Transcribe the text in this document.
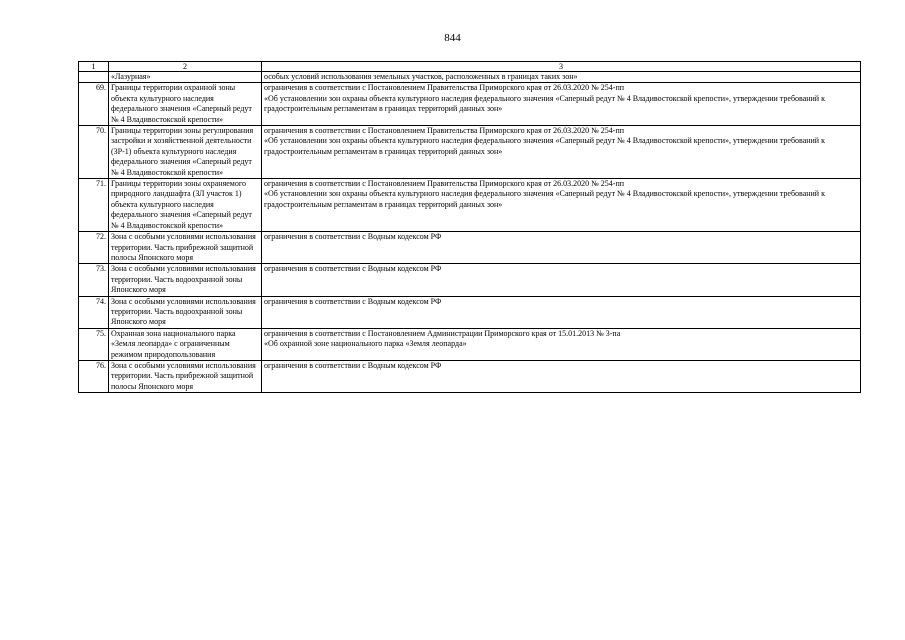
844
1	2	3
	«Лазурная»	особых условий использования земельных участков, расположенных в границах таких зон»
69.	Границы территории охранной зоны объекта культурного наследия федерального значения «Саперный редут № 4 Владивостокской крепости»	ограничения в соответствии с Постановлением Правительства Приморского края от 26.03.2020 № 254-пп
«Об установлении зон охраны объекта культурного наследия федерального значения «Саперный редут № 4 Владивостокской крепости», утверждении требований к градостроительным регламентам в границах территорий данных зон»

70.	Границы территории зоны регулирования застройки и хозяйственной деятельности (ЗР-1) объекта культурного наследия федерального значения «Саперный редут № 4 Владивостокской крепости»	ограничения в соответствии с Постановлением Правительства Приморского края от 26.03.2020 № 254-пп
«Об установлении зон охраны объекта культурного наследия федерального значения «Саперный редут № 4 Владивостокской крепости», утверждении требований к градостроительным регламентам в границах территорий данных зон»

71.	Границы территории зоны охраняемого природного ландшафта (ЗЛ участок 1) объекта культурного наследия федерального значения «Саперный редут № 4 Владивостокской крепости»	ограничения в соответствии с Постановлением Правительства Приморского края от 26.03.2020 № 254-пп
«Об установлении зон охраны объекта культурного наследия федерального значения «Саперный редут № 4 Владивостокской крепости», утверждении требований к градостроительным регламентам в границах территорий данных зон»

72.	Зона с особыми условиями использования территории. Часть прибрежной защитной полосы Японского моря	ограничения в соответствии с Водным кодексом РФ

73.	Зона с особыми условиями использования территории. Часть водоохранной зоны Японского моря	ограничения в соответствии с Водным кодексом РФ

74.	Зона с особыми условиями использования территории. Часть водоохранной зоны Японского моря	ограничения в соответствии с Водным кодексом РФ

75.	Охранная зона национального парка «Земля леопарда» с ограниченным режимом природопользования	ограничения в соответствии с Постановлением Администрации Приморского края от 15.01.2013 № 3-па
«Об охранной зоне национального парка «Земля леопарда»

76.	Зона с особыми условиями использования территории. Часть прибрежной защитной полосы Японского моря	ограничения в соответствии с Водным кодексом РФ
